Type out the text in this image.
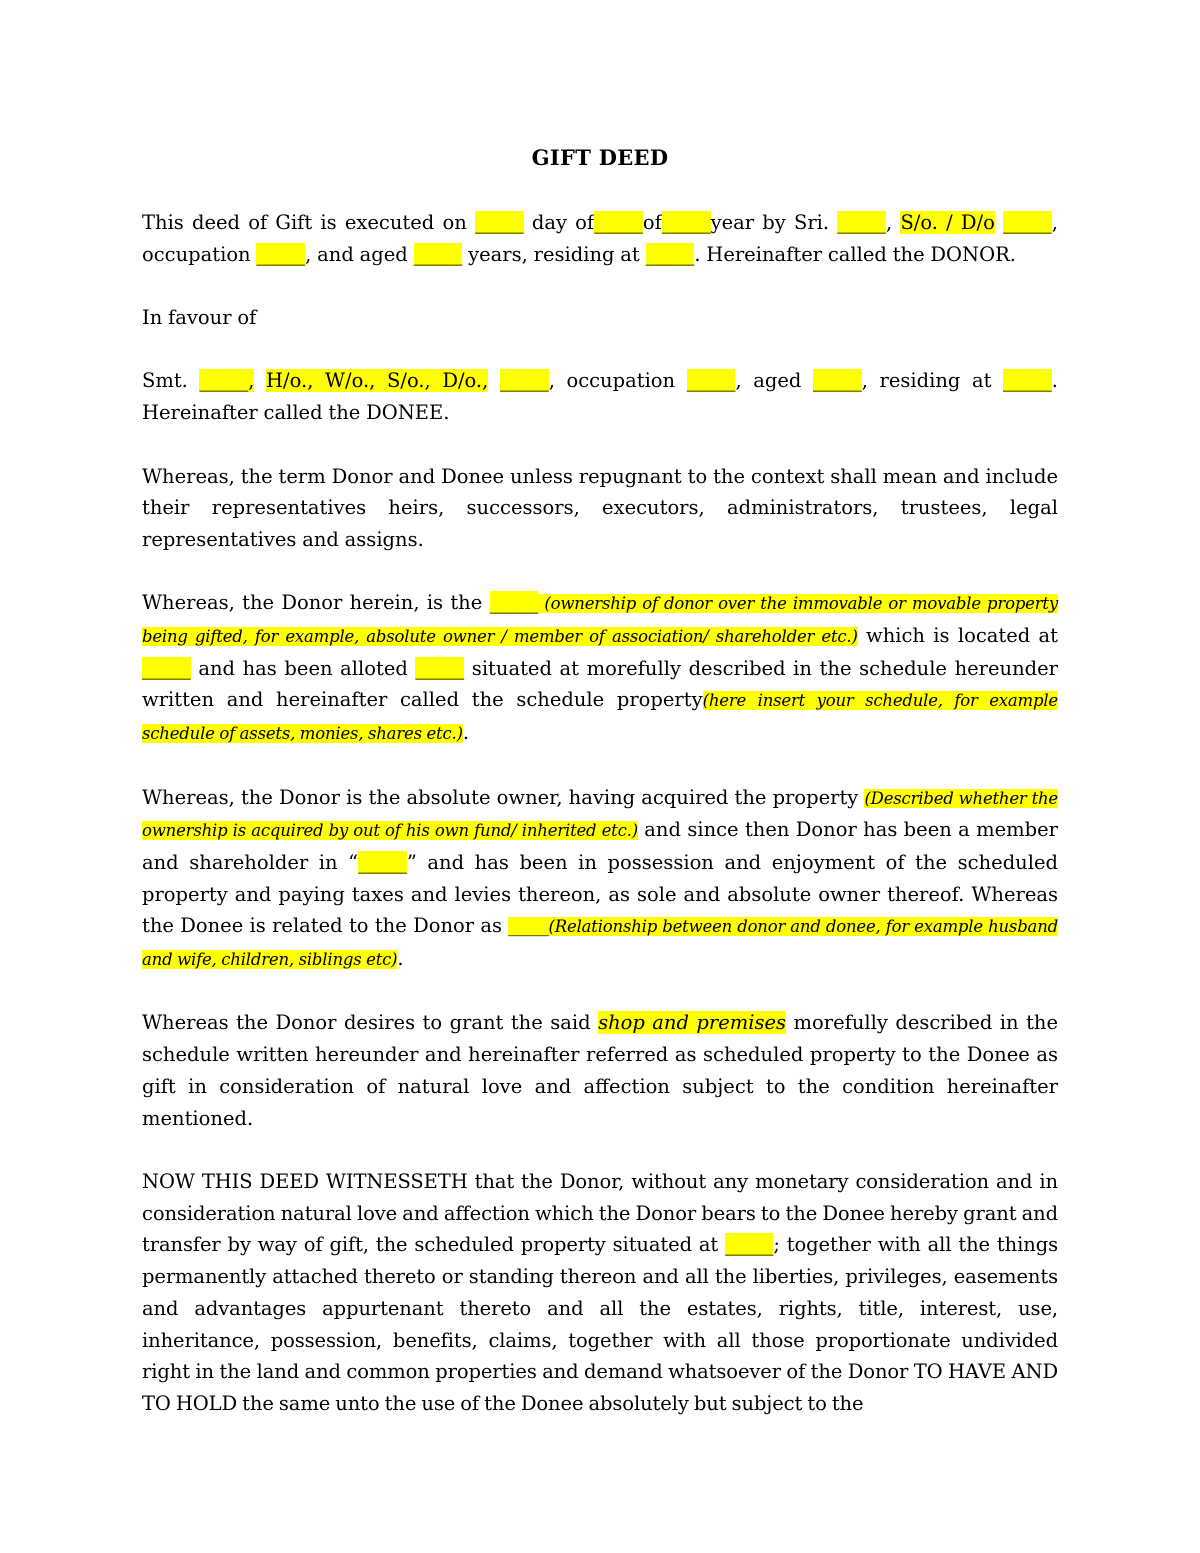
GIFT DEED

This deed of Gift is executed on _____ day of_____of_____year by Sri. _____, S/o. / D/o _____, occupation _____, and aged _____ years, residing at _____. Hereinafter called the DONOR.

In favour of

Smt. _____, H/o., W/o., S/o., D/o., _____, occupation _____, aged _____, residing at _____. Hereinafter called the DONEE.

Whereas, the term Donor and Donee unless repugnant to the context shall mean and include their representatives heirs, successors, executors, administrators, trustees, legal representatives and assigns.

Whereas, the Donor herein, is the _____ (ownership of donor over the immovable or movable property being gifted, for example, absolute owner / member of association/ shareholder etc.) which is located at _____ and has been alloted _____ situated at morefully described in the schedule hereunder written and hereinafter called the schedule property(here insert your schedule, for example schedule of assets, monies, shares etc.).

Whereas, the Donor is the absolute owner, having acquired the property (Described whether the ownership is acquired by out of his own fund/ inherited etc.) and since then Donor has been a member and shareholder in “_____” and has been in possession and enjoyment of the scheduled property and paying taxes and levies thereon, as sole and absolute owner thereof. Whereas the Donee is related to the Donor as _____(Relationship between donor and donee, for example husband and wife, children, siblings etc).

Whereas the Donor desires to grant the said shop and premises morefully described in the schedule written hereunder and hereinafter referred as scheduled property to the Donee as gift in consideration of natural love and affection subject to the condition hereinafter mentioned.

NOW THIS DEED WITNESSETH that the Donor, without any monetary consideration and in consideration natural love and affection which the Donor bears to the Donee hereby grant and transfer by way of gift, the scheduled property situated at _____; together with all the things permanently attached thereto or standing thereon and all the liberties, privileges, easements and advantages appurtenant thereto and all the estates, rights, title, interest, use, inheritance, possession, benefits, claims, together with all those proportionate undivided right in the land and common properties and demand whatsoever of the Donor TO HAVE AND TO HOLD the same unto the use of the Donee absolutely but subject to the
